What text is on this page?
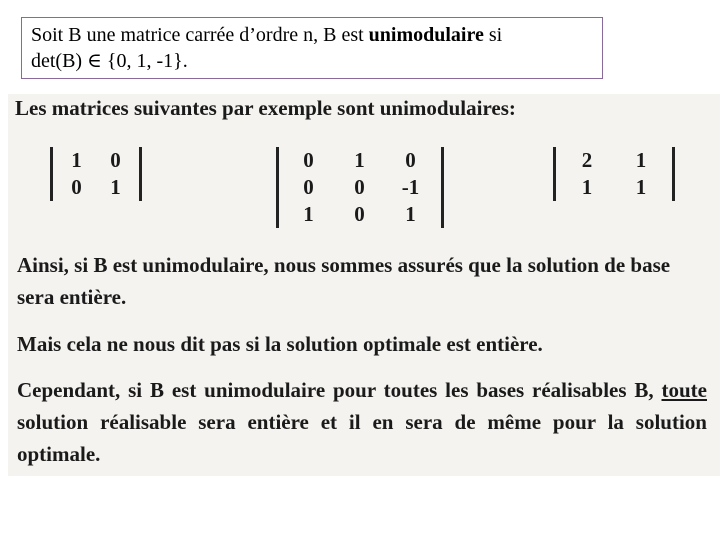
Soit B une matrice carrée d’ordre n, B est unimodulaire si
det(B) ∈ {0, 1, -1}.
Les matrices suivantes par exemple sont unimodulaires:
1	0
0	1
0	1	0
0	0	-1
1	0	1
2	1
1	1
Ainsi, si B est unimodulaire, nous sommes assurés que la solution de base sera entière.
Mais cela ne nous dit pas si la solution optimale est entière.
Cependant, si B est unimodulaire pour toutes les bases réalisables B, toute solution réalisable sera entière et il en sera de même pour la solution optimale.
